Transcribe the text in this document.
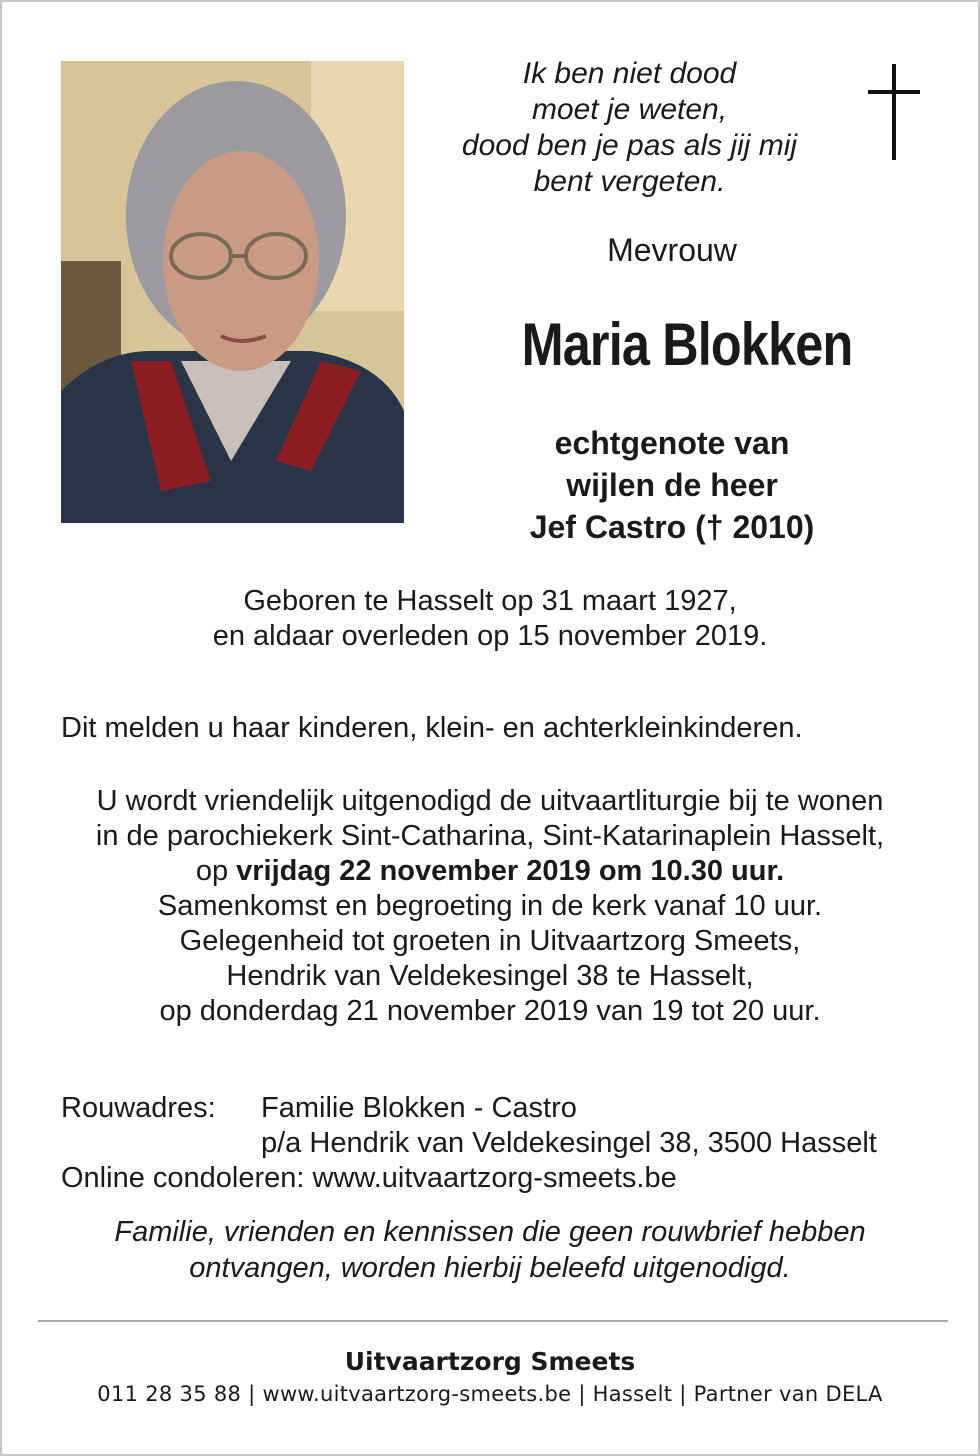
Ik ben niet dood
moet je weten,
dood ben je pas als jij mij
bent vergeten.
Mevrouw
Maria Blokken
echtgenote van
wijlen de heer
Jef Castro († 2010)
Geboren te Hasselt op 31 maart 1927,
en aldaar overleden op 15 november 2019.
Dit melden u haar kinderen, klein- en achterkleinkinderen.
U wordt vriendelijk uitgenodigd de uitvaartliturgie bij te wonen
in de parochiekerk Sint-Catharina, Sint-Katarinaplein Hasselt,
op vrijdag 22 november 2019 om 10.30 uur.
Samenkomst en begroeting in de kerk vanaf 10 uur.
Gelegenheid tot groeten in Uitvaartzorg Smeets,
Hendrik van Veldekesingel 38 te Hasselt,
op donderdag 21 november 2019 van 19 tot 20 uur.
Rouwadres: Familie Blokken - Castro
p/a Hendrik van Veldekesingel 38, 3500 Hasselt
Online condoleren: www.uitvaartzorg-smeets.be
Familie, vrienden en kennissen die geen rouwbrief hebben
ontvangen, worden hierbij beleefd uitgenodigd.
Uitvaartzorg Smeets
011 28 35 88 | www.uitvaartzorg-smeets.be | Hasselt | Partner van DELA
